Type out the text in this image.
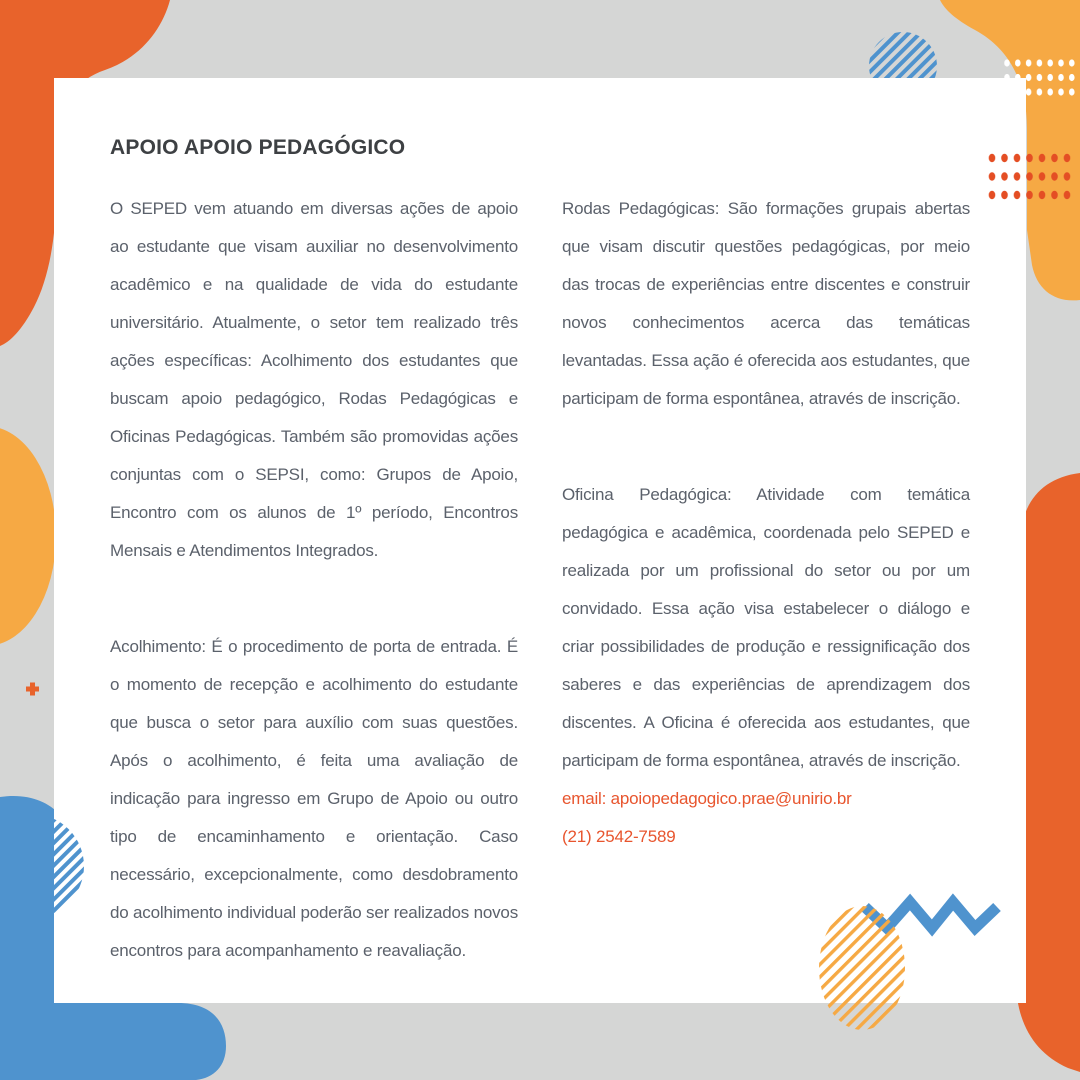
APOIO APOIO PEDAGÓGICO

O SEPED vem atuando em diversas ações de apoio ao estudante que visam auxiliar no desenvolvimento acadêmico e na qualidade de vida do estudante universitário. Atualmente, o setor tem realizado três ações específicas: Acolhimento dos estudantes que buscam apoio pedagógico, Rodas Pedagógicas e Oficinas Pedagógicas. Também são promovidas ações conjuntas com o SEPSI, como: Grupos de Apoio, Encontro com os alunos de 1º período, Encontros Mensais e Atendimentos Integrados.

Acolhimento: É o procedimento de porta de entrada. É o momento de recepção e acolhimento do estudante que busca o setor para auxílio com suas questões. Após o acolhimento, é feita uma avaliação de indicação para ingresso em Grupo de Apoio ou outro tipo de encaminhamento e orientação. Caso necessário, excepcionalmente, como desdobramento do acolhimento individual poderão ser realizados novos encontros para acompanhamento e reavaliação.

Rodas Pedagógicas: São formações grupais abertas que visam discutir questões pedagógicas, por meio das trocas de experiências entre discentes e construir novos conhecimentos acerca das temáticas levantadas. Essa ação é oferecida aos estudantes, que participam de forma espontânea, através de inscrição.

Oficina Pedagógica: Atividade com temática pedagógica e acadêmica, coordenada pelo SEPED e realizada por um profissional do setor ou por um convidado. Essa ação visa estabelecer o diálogo e criar possibilidades de produção e ressignificação dos saberes e das experiências de aprendizagem dos discentes. A Oficina é oferecida aos estudantes, que participam de forma espontânea, através de inscrição.

email: apoiopedagogico.prae@unirio.br
(21) 2542-7589
